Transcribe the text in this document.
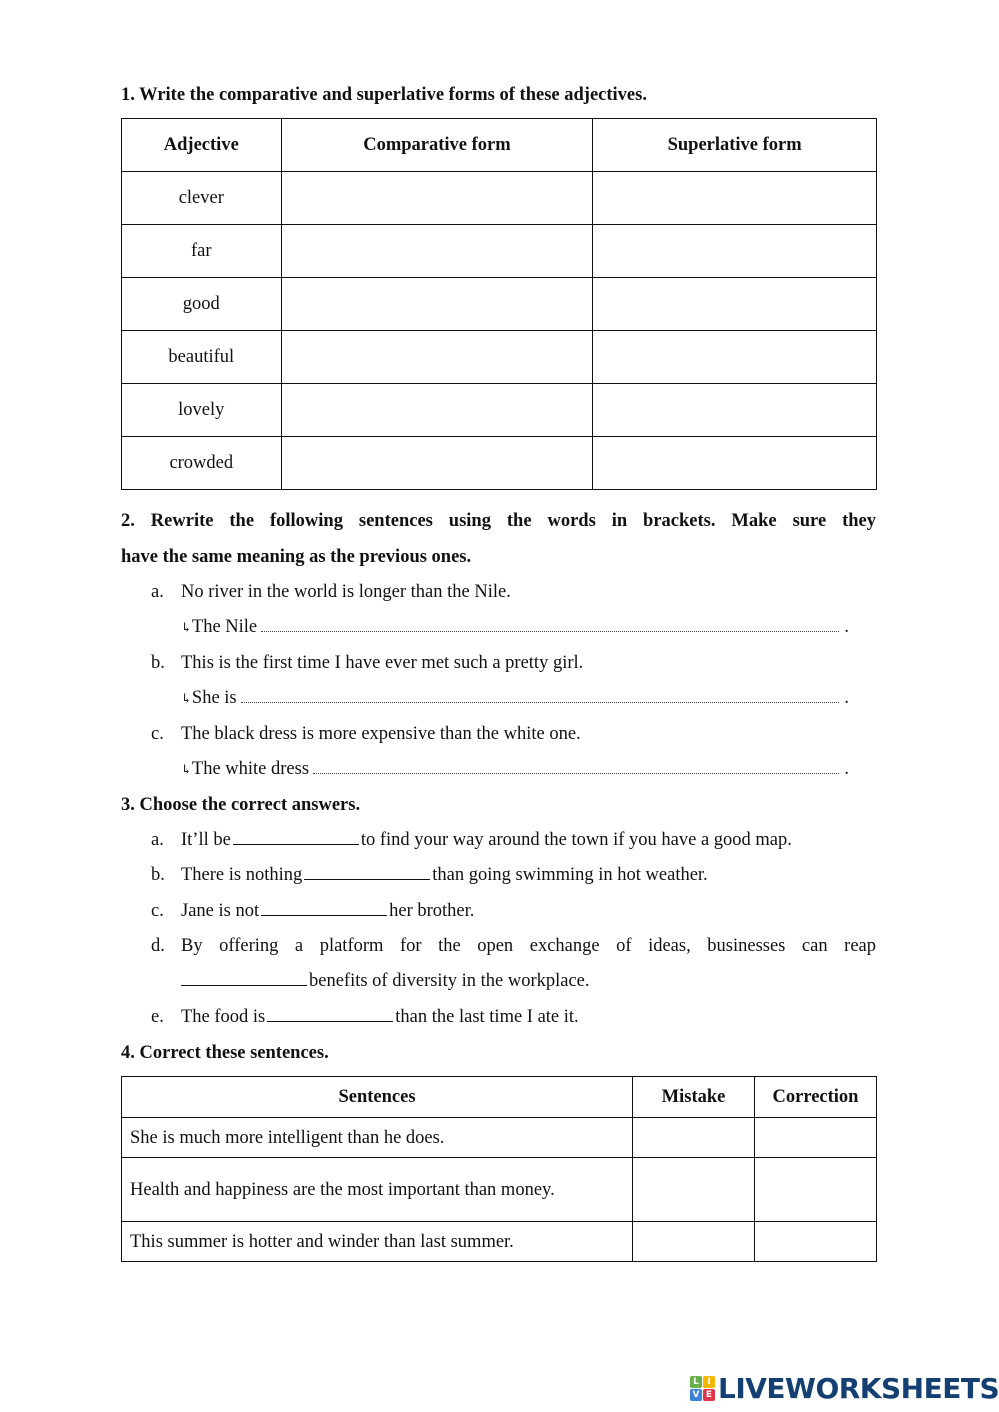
1. Write the comparative and superlative forms of these adjectives.
Adjective	Comparative form	Superlative form
clever		
far		
good		
beautiful		
lovely		
crowded		
2. Rewrite the following sentences using the words in brackets. Make sure they
have the same meaning as the previous ones.
a. No river in the world is longer than the Nile.
↳ The Nile	.
b. This is the first time I have ever met such a pretty girl.
↳ She is	.
c. The black dress is more expensive than the white one.
↳ The white dress	.
3. Choose the correct answers.
a. It’ll be	to find your way around the town if you have a good map.
b. There is nothing	than going swimming in hot weather.
c. Jane is not	her brother.
d. By offering a platform for the open exchange of ideas, businesses can reap
benefits of diversity in the workplace.
e. The food is	than the last time I ate it.
4. Correct these sentences.
Sentences	Mistake	Correction
She is much more intelligent than he does.		
Health and happiness are the most important than money.		
This summer is hotter and winder than last summer.		
L I
V E LIVEWORKSHEETS
